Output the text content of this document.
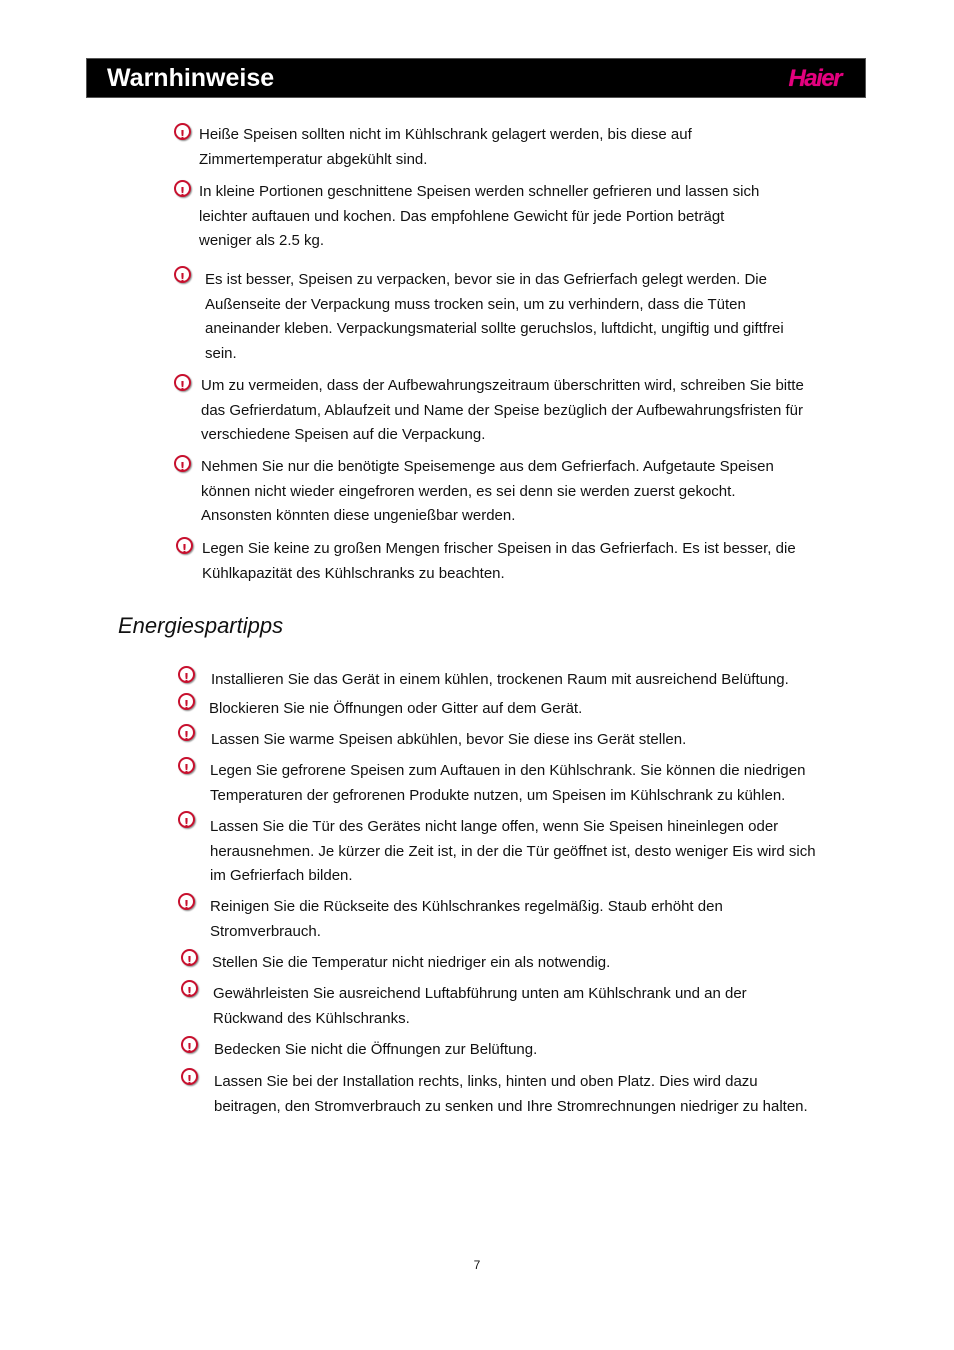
Warnhinweise	Haier
!
Heiße Speisen sollten nicht im Kühlschrank gelagert werden, bis diese auf
Zimmertemperatur abgekühlt sind.
!
In kleine Portionen geschnittene Speisen werden schneller gefrieren und lassen sich
leichter auftauen und kochen. Das empfohlene Gewicht für jede Portion beträgt
weniger als 2.5 kg.
!
Es ist besser, Speisen zu verpacken, bevor sie in das Gefrierfach gelegt werden. Die
Außenseite der Verpackung muss trocken sein, um zu verhindern, dass die Tüten
aneinander kleben. Verpackungsmaterial sollte geruchslos, luftdicht, ungiftig und giftfrei
sein.
!
Um zu vermeiden, dass der Aufbewahrungszeitraum überschritten wird, schreiben Sie bitte
das Gefrierdatum, Ablaufzeit und Name der Speise bezüglich der Aufbewahrungsfristen für
verschiedene Speisen auf die Verpackung.
!
Nehmen Sie nur die benötigte Speisemenge aus dem Gefrierfach. Aufgetaute Speisen
können nicht wieder eingefroren werden, es sei denn sie werden zuerst gekocht.
Ansonsten könnten diese ungenießbar werden.
!
Legen Sie keine zu großen Mengen frischer Speisen in das Gefrierfach. Es ist besser, die
Kühlkapazität des Kühlschranks zu beachten.
Energiespartipps
!
Installieren Sie das Gerät in einem kühlen, trockenen Raum mit ausreichend Belüftung.
!
Blockieren Sie nie Öffnungen oder Gitter auf dem Gerät.
!
Lassen Sie warme Speisen abkühlen, bevor Sie diese ins Gerät stellen.
!
Legen Sie gefrorene Speisen zum Auftauen in den Kühlschrank. Sie können die niedrigen
Temperaturen der gefrorenen Produkte nutzen, um Speisen im Kühlschrank zu kühlen.
!
Lassen Sie die Tür des Gerätes nicht lange offen, wenn Sie Speisen hineinlegen oder
herausnehmen. Je kürzer die Zeit ist, in der die Tür geöffnet ist, desto weniger Eis wird sich
im Gefrierfach bilden.
!
Reinigen Sie die Rückseite des Kühlschrankes regelmäßig. Staub erhöht den
Stromverbrauch.
!
Stellen Sie die Temperatur nicht niedriger ein als notwendig.
!
Gewährleisten Sie ausreichend Luftabführung unten am Kühlschrank und an der
Rückwand des Kühlschranks.
!
Bedecken Sie nicht die Öffnungen zur Belüftung.
!
Lassen Sie bei der Installation rechts, links, hinten und oben Platz. Dies wird dazu
beitragen, den Stromverbrauch zu senken und Ihre Stromrechnungen niedriger zu halten.
7
